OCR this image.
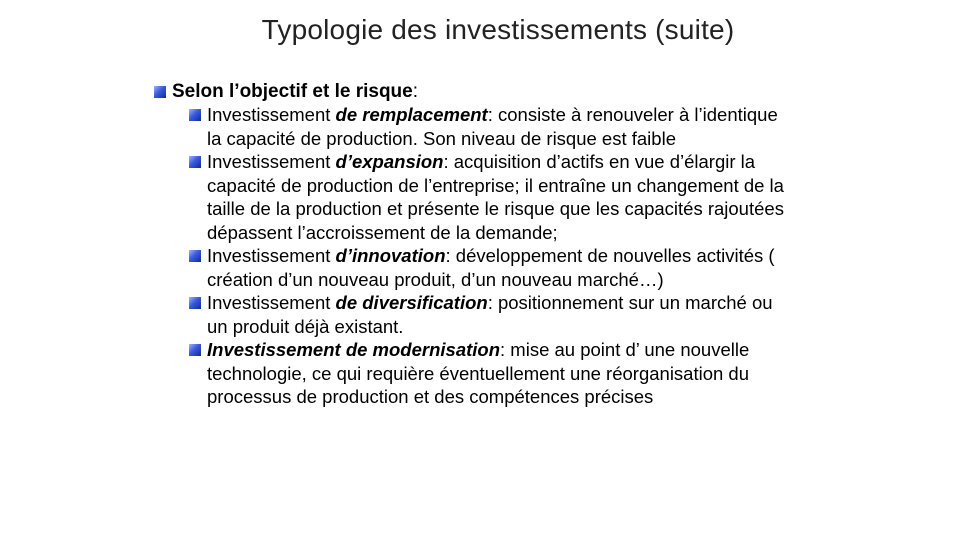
Typologie des investissements (suite)
Selon l’objectif et le risque:
Investissement de remplacement: consiste à renouveler à l’identique la capacité de production. Son niveau de risque est faible
Investissement d’expansion: acquisition d’actifs en vue d’élargir la capacité de production de l’entreprise; il entraîne un changement de la taille de la production et présente le risque que les capacités rajoutées dépassent l’accroissement de la demande;
Investissement d’innovation: développement de nouvelles activités ( création d’un nouveau produit, d’un nouveau marché…)
Investissement de diversification: positionnement sur un marché ou un produit déjà existant.
Investissement de modernisation: mise au point d’ une nouvelle technologie, ce qui requière éventuellement une réorganisation du processus de production et des compétences précises
